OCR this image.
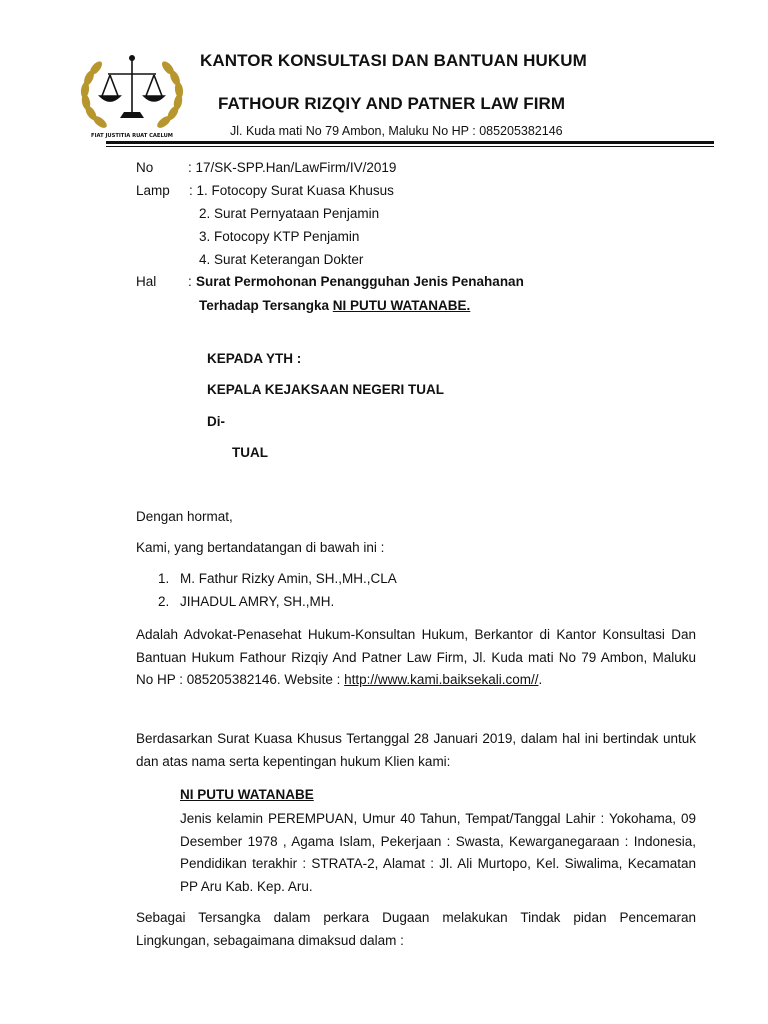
FIAT JUSTITIA RUAT CAELUM
KANTOR KONSULTASI DAN BANTUAN HUKUM
FATHOUR RIZQIY AND PATNER LAW FIRM
Jl. Kuda mati No 79 Ambon, Maluku No HP : 085205382146
No	: 17/SK-SPP.Han/LawFirm/IV/2019
Lamp : 1. Fotocopy Surat Kuasa Khusus
2. Surat Pernyataan Penjamin
3. Fotocopy KTP Penjamin
4. Surat Keterangan Dokter
Hal : Surat Permohonan Penangguhan Jenis Penahanan
Terhadap Tersangka NI PUTU WATANABE.
KEPADA YTH :
KEPALA KEJAKSAAN NEGERI TUAL
Di-
TUAL
Dengan hormat,
Kami, yang bertandatangan di bawah ini :
1. M. Fathur Rizky Amin, SH.,MH.,CLA
2. JIHADUL AMRY, SH.,MH.
Adalah Advokat-Penasehat Hukum-Konsultan Hukum, Berkantor di Kantor Konsultasi Dan Bantuan Hukum Fathour Rizqiy And Patner Law Firm, Jl. Kuda mati No 79 Ambon, Maluku No HP : 085205382146. Website : http://www.kami.baiksekali.com//.
Berdasarkan Surat Kuasa Khusus Tertanggal 28 Januari 2019, dalam hal ini bertindak untuk dan atas nama serta kepentingan hukum Klien kami:
NI PUTU WATANABE
Jenis kelamin PEREMPUAN, Umur 40 Tahun, Tempat/Tanggal Lahir : Yokohama, 09 Desember 1978 , Agama Islam, Pekerjaan : Swasta, Kewarganegaraan : Indonesia, Pendidikan terakhir : STRATA-2, Alamat : Jl. Ali Murtopo, Kel. Siwalima, Kecamatan PP Aru Kab. Kep. Aru.
Sebagai Tersangka dalam perkara Dugaan melakukan Tindak pidan Pencemaran Lingkungan, sebagaimana dimaksud dalam :
